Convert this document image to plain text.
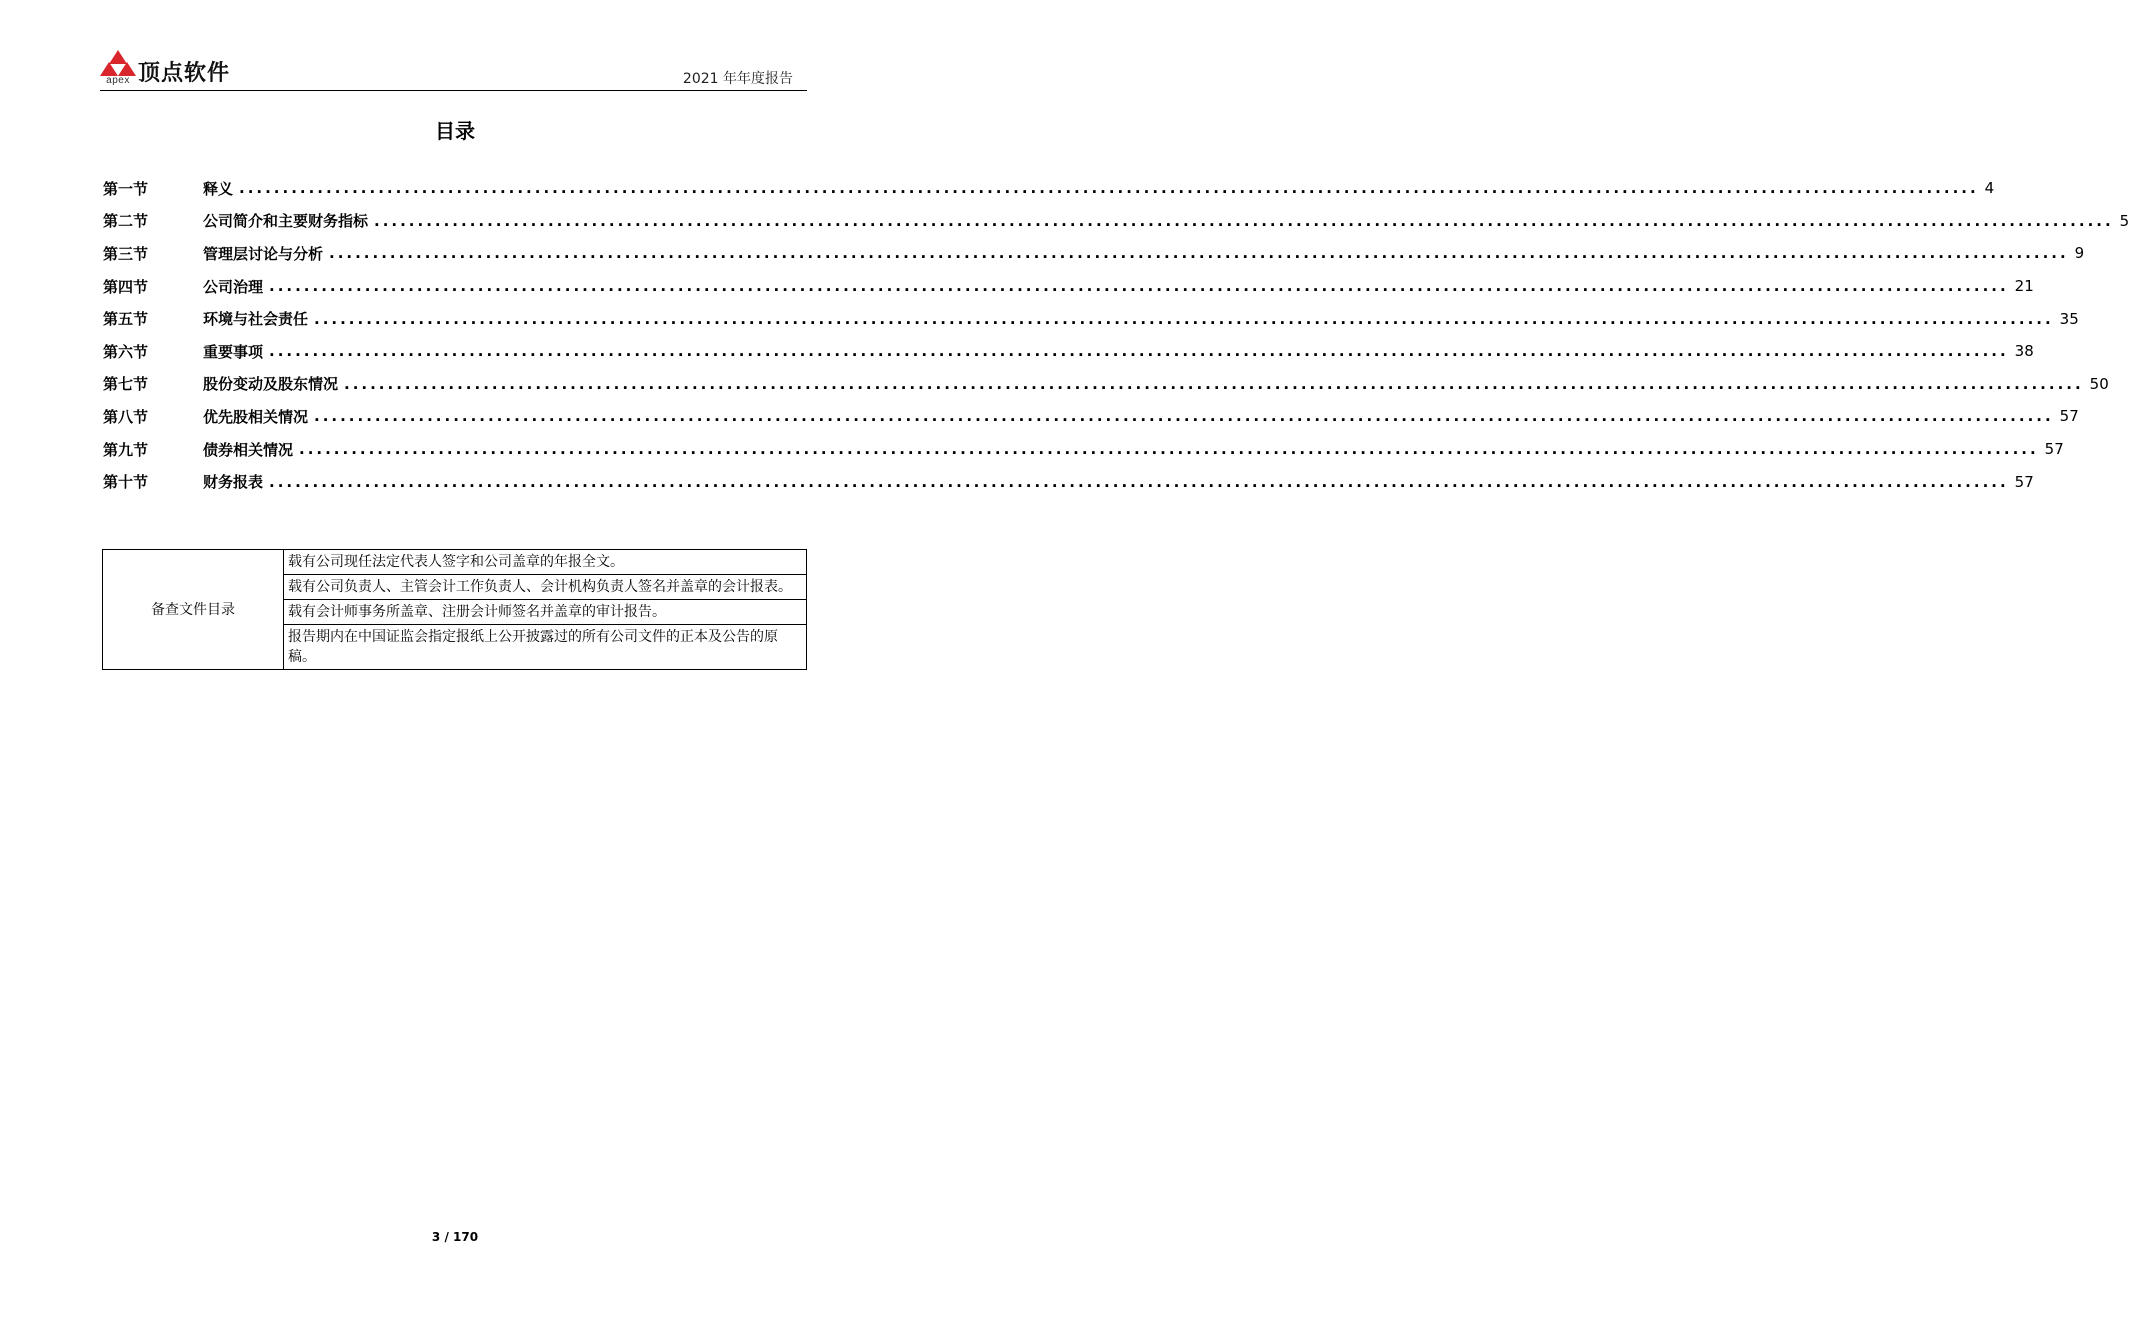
apex 顶点软件	2021 年年度报告
目录
第一节	释义 ........................................................................................................................................................................................................ 4
第二节	公司简介和主要财务指标 ........................................................................................................................................................................................................ 5
第三节	管理层讨论与分析 ........................................................................................................................................................................................................ 9
第四节	公司治理 ........................................................................................................................................................................................................ 21
第五节	环境与社会责任 ........................................................................................................................................................................................................ 35
第六节	重要事项 ........................................................................................................................................................................................................ 38
第七节	股份变动及股东情况 ........................................................................................................................................................................................................ 50
第八节	优先股相关情况 ........................................................................................................................................................................................................ 57
第九节	债券相关情况 ........................................................................................................................................................................................................ 57
第十节	财务报表 ........................................................................................................................................................................................................ 57
备查文件目录	载有公司现任法定代表人签字和公司盖章的年报全文。
载有公司负责人、主管会计工作负责人、会计机构负责人签名并盖章的会计报表。
载有会计师事务所盖章、注册会计师签名并盖章的审计报告。
报告期内在中国证监会指定报纸上公开披露过的所有公司文件的正本及公告的原稿。
3 / 170
